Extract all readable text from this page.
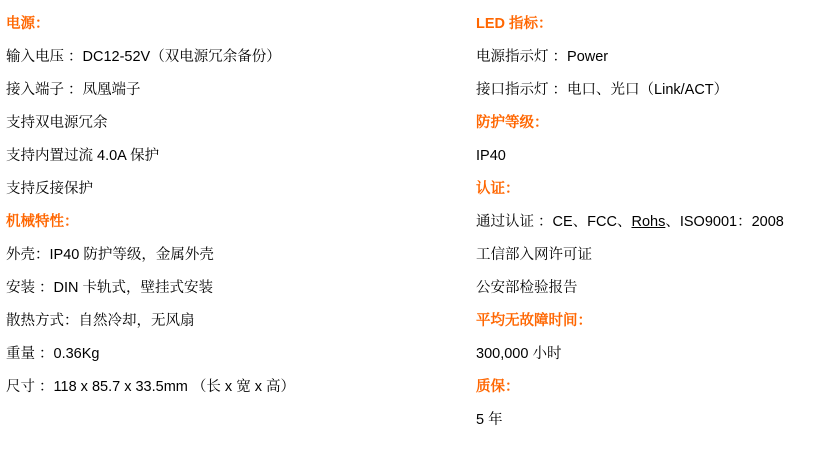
电源：
输入电压 ：DC12-52V（双电源冗余备份）
接入端子 ：凤凰端子
支持双电源冗余
支持内置过流 4.0A 保护
支持反接保护
机械特性：
外壳：IP40 防护等级，金属外壳
安装 ：DIN 卡轨式，壁挂式安装
散热方式：自然冷却，无风扇
重量 ：0.36Kg
尺寸 ：118 x 85.7 x 33.5mm （长 x 宽 x 高）
LED 指标：
电源指示灯 ：Power
接口指示灯 ：电口、光口（Link/ACT）
防护等级：
IP40
认证：
通过认证 ：CE、FCC、Rohs、ISO9001：2008
工信部入网许可证
公安部检验报告
平均无故障时间：
300,000 小时
质保：
5 年
